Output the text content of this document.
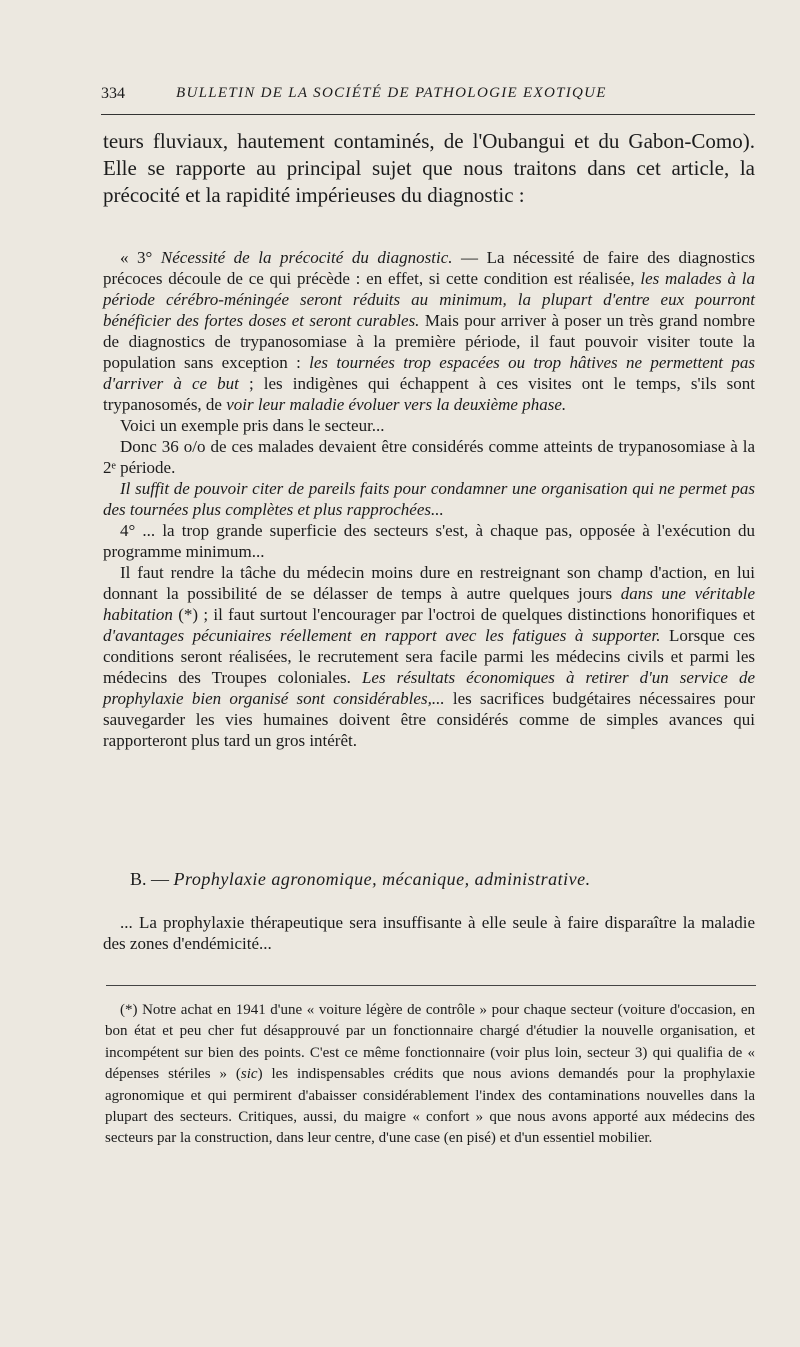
334	BULLETIN DE LA SOCIÉTÉ DE PATHOLOGIE EXOTIQUE

teurs fluviaux, hautement contaminés, de l'Oubangui et du Gabon-Como). Elle se rapporte au principal sujet que nous traitons dans cet article, la précocité et la rapidité impérieuses du diagnostic :

« 3° Nécessité de la précocité du diagnostic. — La nécessité de faire des diagnostics précoces découle de ce qui précède : en effet, si cette condition est réalisée, les malades à la période cérébro-méningée seront réduits au minimum, la plupart d'entre eux pourront bénéficier des fortes doses et seront curables. Mais pour arriver à poser un très grand nombre de diagnostics de trypanosomiase à la première période, il faut pouvoir visiter toute la population sans exception : les tournées trop espacées ou trop hâtives ne permettent pas d'arriver à ce but ; les indigènes qui échappent à ces visites ont le temps, s'ils sont trypanosomés, de voir leur maladie évoluer vers la deuxième phase.

Voici un exemple pris dans le secteur...

Donc 36 o/o de ces malades devaient être considérés comme atteints de trypanosomiase à la 2ᵉ période.

Il suffit de pouvoir citer de pareils faits pour condamner une organisation qui ne permet pas des tournées plus complètes et plus rapprochées...

4° ... la trop grande superficie des secteurs s'est, à chaque pas, opposée à l'exécution du programme minimum...

Il faut rendre la tâche du médecin moins dure en restreignant son champ d'action, en lui donnant la possibilité de se délasser de temps à autre quelques jours dans une véritable habitation (*) ; il faut surtout l'encourager par l'octroi de quelques distinctions honorifiques et d'avantages pécuniaires réellement en rapport avec les fatigues à supporter. Lorsque ces conditions seront réalisées, le recrutement sera facile parmi les médecins civils et parmi les médecins des Troupes coloniales. Les résultats économiques à retirer d'un service de prophylaxie bien organisé sont considérables,... les sacrifices budgétaires nécessaires pour sauvegarder les vies humaines doivent être considérés comme de simples avances qui rapporteront plus tard un gros intérêt.

B. — Prophylaxie agronomique, mécanique, administrative.

... La prophylaxie thérapeutique sera insuffisante à elle seule à faire disparaître la maladie des zones d'endémicité...

(*) Notre achat en 1941 d'une « voiture légère de contrôle » pour chaque secteur (voiture d'occasion, en bon état et peu cher fut désapprouvé par un fonctionnaire chargé d'étudier la nouvelle organisation, et incompétent sur bien des points. C'est ce même fonctionnaire (voir plus loin, secteur 3) qui qualifia de « dépenses stériles » (sic) les indispensables crédits que nous avions demandés pour la prophylaxie agronomique et qui permirent d'abaisser considérablement l'index des contaminations nouvelles dans la plupart des secteurs. Critiques, aussi, du maigre « confort » que nous avons apporté aux médecins des secteurs par la construction, dans leur centre, d'une case (en pisé) et d'un essentiel mobilier.
